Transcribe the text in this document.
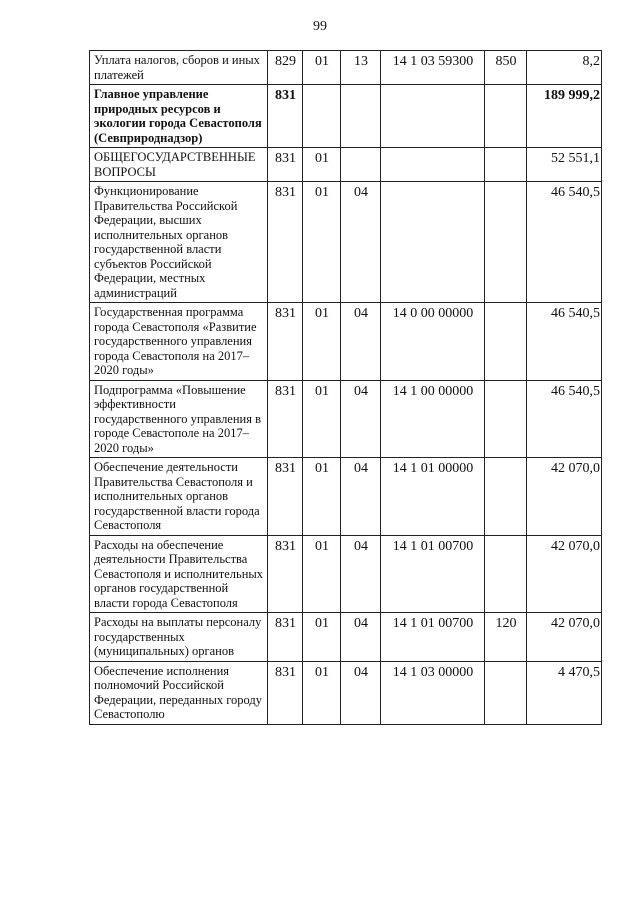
99
Уплата налогов, сборов и иных платежей	829	01	13	14 1 03 59300	850	8,2
Главное управление природных ресурсов и экологии города Севастополя (Севприроднадзор)	831					189 999,2
ОБЩЕГОСУДАРСТВЕННЫЕ ВОПРОСЫ	831	01				52 551,1
Функционирование Правительства Российской Федерации, высших исполнительных органов государственной власти субъектов Российской Федерации, местных администраций	831	01	04			46 540,5
Государственная программа города Севастополя «Развитие государственного управления города Севастополя на 2017–2020 годы»	831	01	04	14 0 00 00000		46 540,5
Подпрограмма «Повышение эффективности государственного управления в городе Севастополе на 2017–2020 годы»	831	01	04	14 1 00 00000		46 540,5
Обеспечение деятельности Правительства Севастополя и исполнительных органов государственной власти города Севастополя	831	01	04	14 1 01 00000		42 070,0
Расходы на обеспечение деятельности Правительства Севастополя и исполнительных органов государственной власти города Севастополя	831	01	04	14 1 01 00700		42 070,0
Расходы на выплаты персоналу государственных (муниципальных) органов	831	01	04	14 1 01 00700	120	42 070,0
Обеспечение исполнения полномочий Российской Федерации, переданных городу Севастополю	831	01	04	14 1 03 00000		4 470,5
